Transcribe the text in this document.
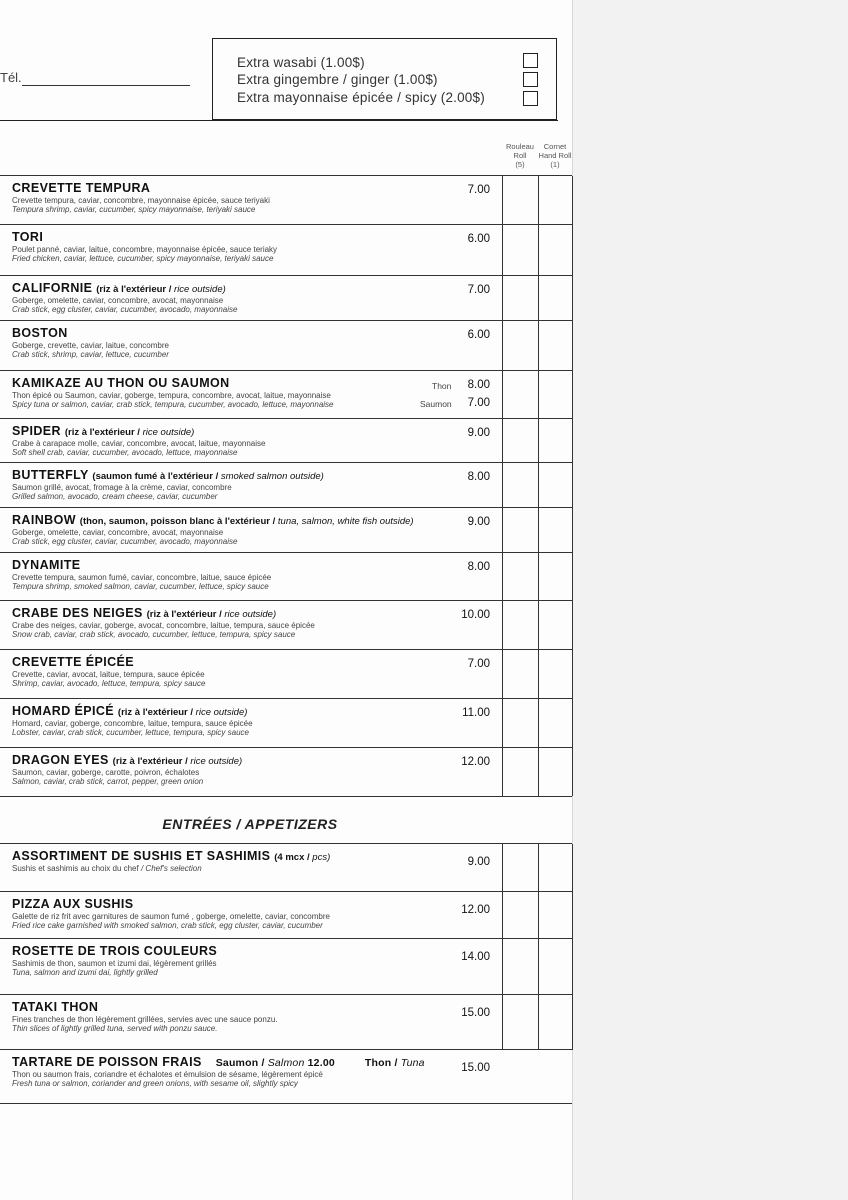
Tél.
Extra wasabi (1.00$)
Extra gingembre / ginger (1.00$)
Extra mayonnaise épicée / spicy (2.00$)
Rouleau
Roll
(5)
Cornet
Hand Roll
(1)
CREVETTE TEMPURA
Crevette tempura, caviar, concombre, mayonnaise épicée, sauce teriyaki
Tempura shrimp, caviar, cucumber, spicy mayonnaise, teriyaki sauce
7.00
TORI
Poulet panné, caviar, laitue, concombre, mayonnaise épicée, sauce teriaky
Fried chicken, caviar, lettuce, cucumber, spicy mayonnaise, teriyaki sauce
6.00
CALIFORNIE (riz à l'extérieur / rice outside)
Goberge, omelette, caviar, concombre, avocat, mayonnaise
Crab stick, egg cluster, caviar, cucumber, avocado, mayonnaise
7.00
BOSTON
Goberge, crevette, caviar, laitue, concombre
Crab stick, shrimp, caviar, lettuce, cucumber
6.00
KAMIKAZE AU THON OU SAUMON
Thon épicé ou Saumon, caviar, goberge, tempura, concombre, avocat, laitue, mayonnaise
Spicy tuna or salmon, caviar, crab stick, tempura, cucumber, avocado, lettuce, mayonnaise
8.00
Thon
Saumon	7.00
SPIDER (riz à l'extérieur / rice outside)
Crabe à carapace molle, caviar, concombre, avocat, laitue, mayonnaise
Soft shell crab, caviar, cucumber, avocado, lettuce, mayonnaise
9.00
BUTTERFLY (saumon fumé à l'extérieur / smoked salmon outside)
Saumon grillé, avocat, fromage à la crème, caviar, concombre
Grilled salmon, avocado, cream cheese, caviar, cucumber
8.00
RAINBOW (thon, saumon, poisson blanc à l'extérieur / tuna, salmon, white fish outside)
Goberge, omelette, caviar, concombre, avocat, mayonnaise
Crab stick, egg cluster, caviar, cucumber, avocado, mayonnaise
9.00
DYNAMITE
Crevette tempura, saumon fumé, caviar, concombre, laitue, sauce épicée
Tempura shrimp, smoked salmon, caviar, cucumber, lettuce, spicy sauce
8.00
CRABE DES NEIGES (riz à l'extérieur / rice outside)
Crabe des neiges, caviar, goberge, avocat, concombre, laitue, tempura, sauce épicée
Snow crab, caviar, crab stick, avocado, cucumber, lettuce, tempura, spicy sauce
10.00
CREVETTE ÉPICÉE
Crevette, caviar, avocat, laitue, tempura, sauce épicée
Shrimp, caviar, avocado, lettuce, tempura, spicy sauce
7.00
HOMARD ÉPICÉ (riz à l'extérieur / rice outside)
Homard, caviar, goberge, concombre, laitue, tempura, sauce épicée
Lobster, caviar, crab stick, cucumber, lettuce, tempura, spicy sauce
11.00
DRAGON EYES (riz à l'extérieur / rice outside)
Saumon, caviar, goberge, carotte, poivron, échalotes
Salmon, caviar, crab stick, carrot, pepper, green onion
12.00
ENTRÉES / APPETIZERS
ASSORTIMENT DE SUSHIS ET SASHIMIS (4 mcx / pcs)
Sushis et sashimis au choix du chef / Chef's selection
9.00
PIZZA AUX SUSHIS
Galette de riz frit avec garnitures de saumon fumé , goberge, omelette, caviar, concombre
Fried rice cake garnished with smoked salmon, crab stick, egg cluster, caviar, cucumber
12.00
ROSETTE DE TROIS COULEURS
Sashimis de thon, saumon et izumi dai, légèrement grillés
Tuna, salmon and izumi dai, lightly grilled
14.00
TATAKI THON
Fines tranches de thon légèrement grillées, servies avec une sauce ponzu.
Thin slices of lightly grilled tuna, served with ponzu sauce.
15.00
TARTARE DE POISSON FRAIS Saumon / Salmon 12.00	Thon / Tuna
Thon ou saumon frais, coriandre et échalotes et émulsion de sésame, légèrement épicé
Fresh tuna or salmon, coriander and green onions, with sesame oil, slightly spicy
15.00
